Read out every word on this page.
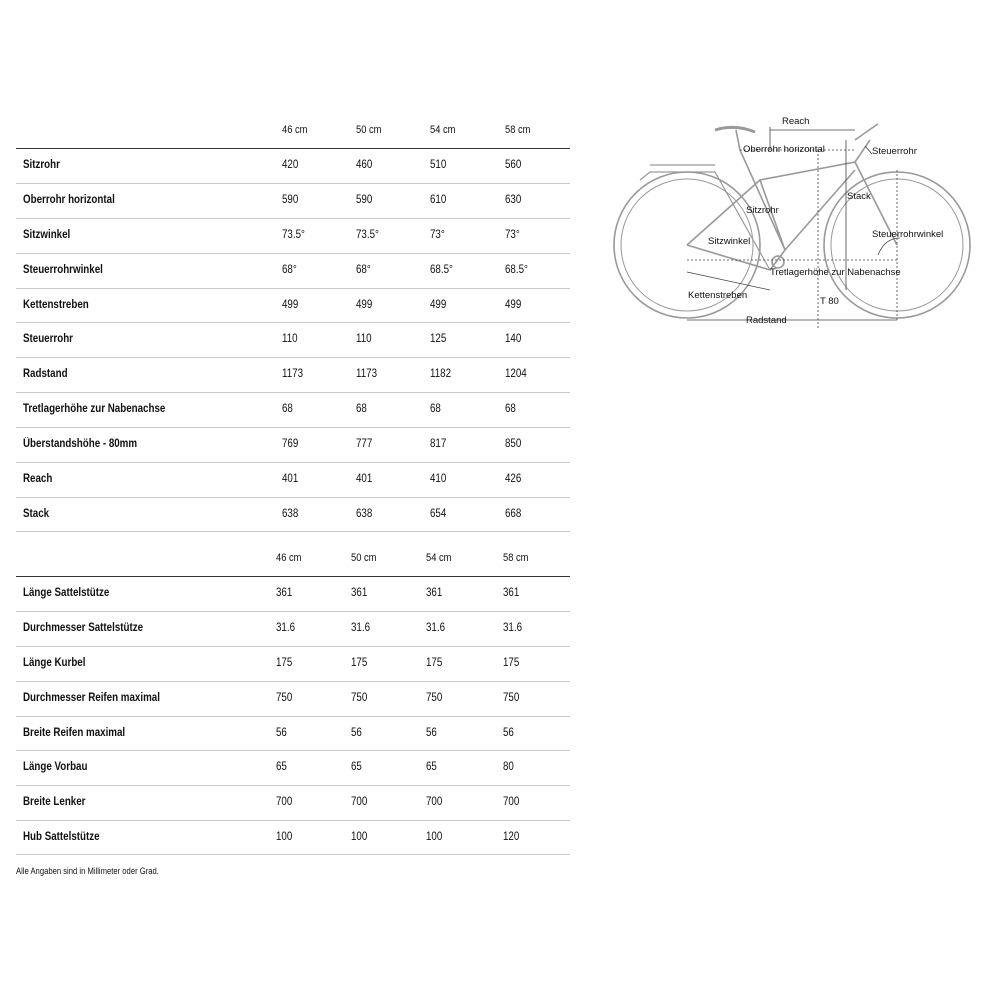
46 cm	50 cm	54 cm	58 cm
Sitzrohr	420	460	510	560
Oberrohr horizontal	590	590	610	630
Sitzwinkel	73.5°	73.5°	73°	73°
Steuerrohrwinkel	68°	68°	68.5°	68.5°
Kettenstreben	499	499	499	499
Steuerrohr	110	110	125	140
Radstand	1173	1173	1182	1204
Tretlagerhöhe zur Nabenachse	68	68	68	68
Überstandshöhe - 80mm	769	777	817	850
Reach	401	401	410	426
Stack	638	638	654	668
46 cm	50 cm	54 cm	58 cm
Länge Sattelstütze	361	361	361	361
Durchmesser Sattelstütze	31.6	31.6	31.6	31.6
Länge Kurbel	175	175	175	175
Durchmesser Reifen maximal	750	750	750	750
Breite Reifen maximal	56	56	56	56
Länge Vorbau	65	65	65	80
Breite Lenker	700	700	700	700
Hub Sattelstütze	100	100	100	120
Alle Angaben sind in Millimeter oder Grad.
Reach
Oberrohr horizontal	Steuerrohr
Sitzrohr
Stack
Sitzwinkel
Steuerrohrwinkel
Tretlagerhöhe zur Nabenachse
Kettenstreben
T 80
Radstand
